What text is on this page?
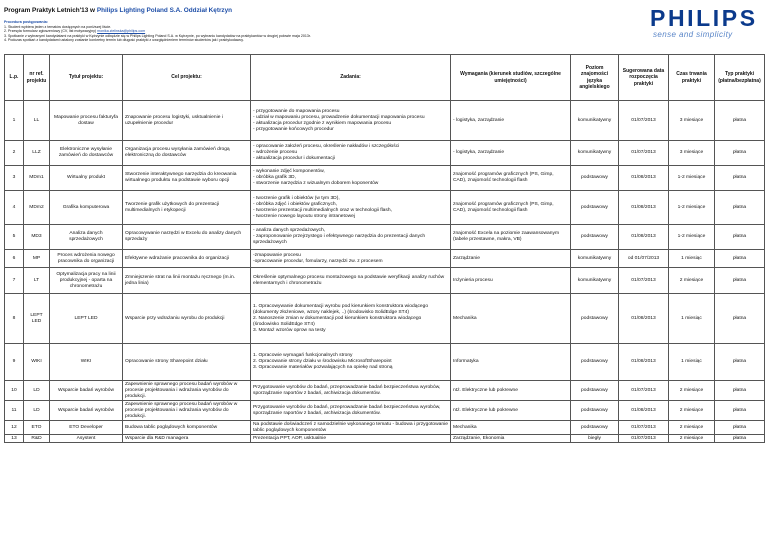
Program Praktyk Letnich'13 w Philips Lighting Poland S.A. Oddział Kętrzyn
Procedura postępowania:
1. Student wybiera jeden z tematów dostępnych na poniższej liście.
2. Przesyła formularz zgłoszeniowy (CV, list motywacyjny) monika.zielinska@philips.com
3. Spotkanie z wybranymi kandydatami na praktyki w Kętrzynie odbędzie się w Philips Lighting Poland S.A. w Kętrzynie, po wybraniu kandydatów na praktykantów w drugiej połowie maja 2013r.
4. Podczas spotkań z kandydatami ustalony zostanie konkretny termin lub długość praktyki z uwzględnieniem terminów studentów jak i praktykodawcy.
PHILIPS
sense and simplicity
L.p.	nr ref. projektu	Tytuł projektu:	Cel projektu:	Zadania:	Wymagania (kierunek studiów, szczególne umiejętności)	Poziom znajomości języka angielskiego	Sugerowana data rozpoczęcia praktyki	Czas trwania praktyki	Typ praktyki (płatna/bezpłatna)
1	LL	Mapowanie procesu fakturyfa dostaw	Znapowanie procesu logistyki, usktualnienie i uzupełnienie procedur	- przygotowanie do mapowania procesu
- udział w mapowaniu procesu, prowadzenie dokumentacji mapowania procesu
- aktualizacja procedur zgodnie z wynikiem mapowania procesu
- przygotowanie końcowych procedur	- logistyka, zarządzanie	komunikatywny	01/07/2013	3 miesiące	płatna
2	LLZ	Elektroniczne wysyłanie zamówień do dostawców	Organizacja procesu wysyłania zamówień drogą elektroniczną do dostawców	- opracowanie założeń procesu, określenie nakładów i szczegółości
- wdrożenie procesu
- aktualizacja procedur i dokumentacji	- logistyka, zarządzanie	komunikatywny	01/07/2013	3 miesiące	płatna
3	MDm1	Wirtualny produkt	Stworzenie interaktywnego narzędzia do kreowania wirtualnego produktu na podstawie wyboru opcji	- wykonanie zdjęć komponentów,
- obróbka grafik 3D,
- stworzenie narzędzia z wizualnym doborem koponentów	znajomość programów graficznych (PS, Gimp, CAD), znajomość technologii flash	podstawowy	01/08/2013	1-2 miesiące	płatna
4	MDm2	Grafika komputerowa	Tworzenie grafik użytkowych do prezentacji multimedialnych i etykopecji	- tworzenie grafik i obiektów (w tym 3D),
- obróbka zdjęć i obiektów graficznych,
- tworzenie prezentacji multimedialnych oraz w technologii flash,
- tworzenie nowego layoutu strony intranetowej	znajomość programów graficznych (PS, Gimp, CAD), znajomość technologii flash	podstawowy	01/08/2013	1-2 miesiące	płatna
5	MD3	Analiza danych sprzedażowych	Opracowywanie narzędzi w Excelu do analizy danych sprzedaży	- analiza danych sprzedażowych,
- zaproponowanie przejrzystego i efektywnego narzędzia do prezentacji danych sprzedażowych	znajomość Excela na poziomie zaawansowanym (tabele przestawne, makra, VB)	podstawowy	01/08/2013	1-2 miesiące	płatna
6	MP	Proces wdrożenia nowego pracownika do organizacji	Efektywne wdrażanie pracownika do organizacji	-zmapowanie procesu
-opracowanie procedur, fomularzy, narzędzi zw. z procesem	Zarządzanie	komunikatywny	od 01/07/2013	1 miesiąc	płatna
7	LT	Optymalizacja pracy na linii produkcyjnej - oparta na chronometrażu	Zmniejszenie strat na linii montażu ręcznego (m.in. jedna linia)	Określenie optymalnego procesu montażowego na podstawie weryfikacji analizy ruchów elementarnych i chronometrażu	Inżynieria procesu	komunikatywny	01/07/2013	2 miesiące	płatna
8	LEPT LED	LEPT LED	Wsparcie przy wdrażaniu wyrobu do produkcji	1. Opracowywanie dokumentacji wyrobu pod kierunkiem konstruktora wiodącego (dokumenty złożeniowe, wzory naklejek, ..) (środowisko SolidEdge ST4)
2. Nanoszenie zmian w dokumentacji pod kierunkiem konstruktora wiodącego (środowisko SolidEdge ST4)
3. Montaż wzorów oprow na testy	Mechanika	podstawowy	01/08/2013	1 miesiąc	płatna
9	WIKI	WIKI	Opracowanie strony Sharepoint działu	1. Opracowie wymagań funkcjonalnych strony
2. Opracowanie strony działu w środowisku MicrosoftSharepoint
3. Opracowanie materiałów pozwalających na opiekę nad stroną	Informatyka	podstawowy	01/08/2013	1 miesiąc	płatna
10	LD	Wsparcie badań wyrobów	Zapewnienie sprawnego procesu badań wyrobów w procesie projektowania i wdrażania wyrobów do produkcji.	Przygotowanie wyrobów do badań, przeprowadzanie badań bezpieczeństwa wyrobów, sporządzanie raportów z badań, archiwizacja dokumentów.	ntż. Elektryczne lub pokrewne	podstawowy	01/07/2013	2 miesiące	płatna
11	LD	Wsparcie badań wyrobów	Zapewnienie sprawnego procesu badań wyrobów w procesie projektowania i wdrażania wyrobów do produkcji.	Przygotowanie wyrobów do badań, przeprowadzanie badań bezpieczeństwa wyrobów, sporządzanie raportów z badań, archiwizacja dokumentów.	ntż. Elektryczne lub pokrewne	podstawowy	01/08/2013	2 miesiące	płatna
12	ETO	ETO Developer	Budowa tablic poglądowych komponentów	Na podstawie doświadczeń z samodzielnie wykonanego tematu - budowa i przygotowanie tablic poglądowych komponentów	Mechanika	podstawowy	01/07/2013	2 miesiące	płatna
13	R&D	Asystent	Wsparcie dla R&D managera	Prezentacja PPT, AOP, usktualnie	Zarządzanie, Ekonomia	biegły	01/07/2013	2 miesiące	płatna
